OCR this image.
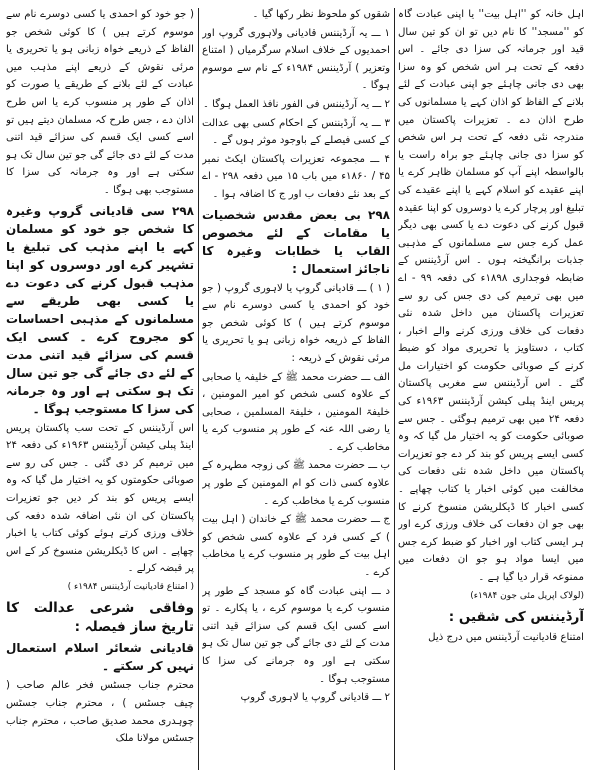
اہل خانہ کو ''اہل بیت'' یا اپنی عبادت گاہ کو ''مسجد'' کا نام دیں تو ان کو تین سال قید اور جرمانہ کی سزا دی جائے ۔ اس دفعہ کے تحت ہر اس شخص کو وہ سزا بھی دی جانی چاہئے جو اپنی عبادت کے لئے بلانے کے الفاظ کو اذان کہے یا مسلمانوں کی طرح اذان دے ۔ تعزیرات پاکستان میں مندرجہ نئی دفعہ کے تحت ہر اس شخص کو سزا دی جانی چاہئے جو براہ راست یا بالواسطہ اپنے آپ کو مسلمان ظاہر کرے یا اپنے عقیدے کو اسلام کہے یا اپنے عقیدے کی تبلیغ اور پرچار کرے یا دوسروں کو اپنا عقیدہ قبول کرنے کی دعوت دے یا کسی بھی دیگر عمل کرے جس سے مسلمانوں کے مذہبی جذبات برانگیختہ ہوں ۔ اس آرڈیننس کے ضابطہ فوجداری ۱۸۹۸ء کی دفعہ ۹۹ - اے میں بھی ترمیم کی دی جس کی رو سے تعزیرات پاکستان میں داخل شدہ نئی دفعات کی خلاف ورزی کرنے والے اخبار ، کتاب ، دستاویز یا تحریری مواد کو ضبط کرنے کے صوبائی حکومت کو اختیارات مل گئے ۔ اس آرڈیننس سے مغربی پاکستان پریس اینڈ پبلی کیشن آرڈیننس ۱۹۶۳ء کی دفعہ ۲۴ میں بھی ترمیم ہوگئی ۔ جس سے صوبائی حکومت کو یہ اختیار مل گیا کہ وہ کسی ایسے پریس کو بند کر دے جو تعزیرات پاکستان میں داخل شدہ نئی دفعات کی مخالفت میں کوئی اخبار یا کتاب چھاپے ۔ کسی اخبار کا ڈیکلریشن منسوخ کرنے کا بھی جو ان دفعات کی خلاف ورزی کرے اور ہر ایسی کتاب اور اخبار کو ضبط کرے جس میں ایسا مواد ہو جو ان دفعات میں ممنوعہ قرار دیا گیا ہے ۔

(لولاک اپریل مئی جون ۱۹۸۴ء)

آرڈیننس کی شقیں :

امتناع قادیانیت آرڈیننس میں درج ذیل

شقوں کو ملحوظ نظر رکھا گیا ۔

۱ ـــ یہ آرڈیننس قادیانی ولاہوری گروپ اور احمدیوں کے خلاف اسلام سرگرمیاں ( امتناع وتعزیر ) آرڈیننس ۱۹۸۴ء کے نام سے موسوم ہوگا ۔

۲ ـــ یہ آرڈیننس فی الفور نافذ العمل ہوگا ۔

۳ ـــ یہ آرڈیننس کے احکام کسی بھی عدالت کے کسی فیصلے کے باوجود موثر ہوں گے ۔

۴ ـــ مجموعہ تعزیرات پاکستان ایکٹ نمبر ۴۵ / ۱۸۶۰ء میں باب ۱۵ میں دفعہ ۲۹۸ - اے کے بعد نئے دفعات ب اور ج کا اضافہ ہوا ۔

۲۹۸ بی بعض مقدس شخصیات یا مقامات کے لئے مخصوص القاب یا خطابات وغیرہ کا ناجائز استعمال :

( ۱ ) ـــ قادیانی گروپ یا لاہوری گروپ ( جو خود کو احمدی یا کسی دوسرے نام سے موسوم کرتے ہیں ) کا کوئی شخص جو الفاظ کے ذریعہ خواہ زبانی ہو یا تحریری یا مرئی نقوش کے ذریعہ :

الف ـــ حضرت محمد ﷺ کے خلیفہ یا صحابی کے علاوہ کسی شخص کو امیر المومنین ، خلیفۃ المومنین ، خلیفۃ المسلمین ، صحابی یا رضی اللہ عنہ کے طور پر منسوب کرے یا مخاطب کرے ۔

ب ـــ حضرت محمد ﷺ کی زوجہ مطہرہ کے علاوہ کسی ذات کو ام المومنین کے طور پر منسوب کرے یا مخاطب کرے ۔

ج ـــ حضرت محمد ﷺ کے خاندان ( اہل بیت ) کے کسی فرد کے علاوہ کسی شخص کو اہل بیت کے طور پر منسوب کرے یا مخاطب کرے ۔

د ـــ اپنی عبادت گاہ کو مسجد کے طور پر منسوب کرے یا موسوم کرے ، یا پکارے ۔ تو اسے کسی ایک قسم کی سزائے قید اتنی مدت کے لئے دی جائے گی جو تین سال تک ہو سکتی ہے اور وہ جرمانے کی سزا کا مستوجب ہوگا ۔

۲ ـــ قادیانی گروپ یا لاہوری گروپ

( جو خود کو احمدی یا کسی دوسرے نام سے موسوم کرتے ہیں ) کا کوئی شخص جو الفاظ کے ذریعے خواہ زبانی ہو یا تحریری یا مرئی نقوش کے ذریعے اپنے مذہب میں عبادت کے لئے بلانے کے طریقے یا صورت کو اذان کے طور پر منسوب کرے یا اس طرح اذان دے ، جس طرح کہ مسلمان دیتے ہیں تو اسے کسی ایک قسم کی سزائے قید اتنی مدت کے لئے دی جائے گی جو تین سال تک ہو سکتی ہے اور وہ جرمانہ کی سزا کا مستوجب بھی ہوگا ۔

۲۹۸ سی قادیانی گروپ وغیرہ کا شخص جو خود کو مسلمان کہے یا اپنے مذہب کی تبلیغ یا تشہیر کرے اور دوسروں کو اپنا مذہب قبول کرنے کی دعوت دے یا کسی بھی طریقے سے مسلمانوں کے مذہبی احساسات کو مجروح کرے ۔ کسی ایک قسم کی سزائے قید اتنی مدت کے لئے دی جائے گی جو تین سال تک ہو سکتی ہے اور وہ جرمانہ کی سزا کا مستوجب ہوگا ۔

اس آرڈیننس کے تحت سب پاکستان پریس اینڈ پبلی کیشن آرڈیننس ۱۹۶۳ء کی دفعہ ۲۴ میں ترمیم کر دی گئی ۔ جس کی رو سے صوبائی حکومتوں کو یہ اختیار مل گیا کہ وہ ایسے پریس کو بند کر دیں جو تعزیرات پاکستان کی ان نئی اضافہ شدہ دفعہ کی خلاف ورزی کرتے ہوئے کوئی کتاب یا اخبار چھاپے ۔ اس کا ڈیکلریشن منسوخ کر کے اس پر قبضہ کرلے ۔

( امتناع قادیانیت آرڈیننس ۱۹۸۴ء )

وفاقی شرعی عدالت کا تاریخ ساز فیصلہ :

قادیانی شعائر اسلام استعمال نہیں کر سکتے ۔

محترم جناب جسٹس فخر عالم صاحب ( چیف جسٹس ) ، محترم جناب جسٹس چوہدری محمد صدیق صاحب ، محترم جناب جسٹس مولانا ملک
